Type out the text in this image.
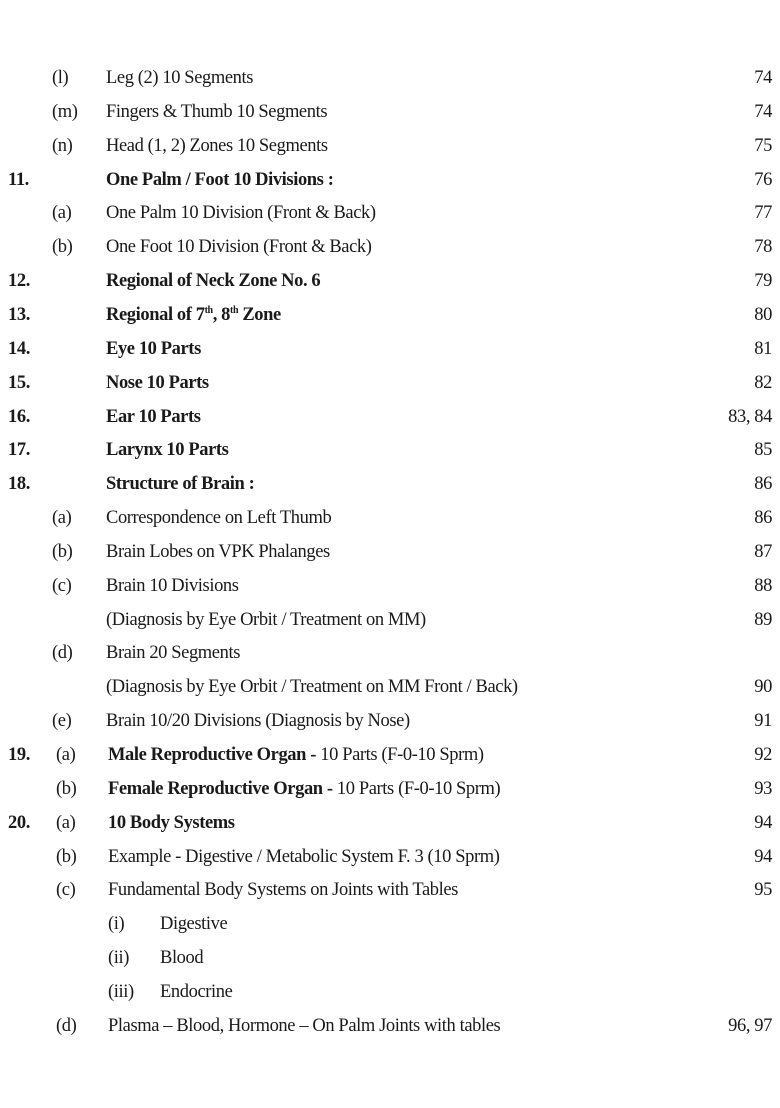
(l) Leg (2) 10 Segments	74
(m) Fingers & Thumb 10 Segments	74
(n) Head (1, 2) Zones 10 Segments	75
11.	One Palm / Foot 10 Divisions :	76
(a) One Palm 10 Division (Front & Back)	77
(b) One Foot 10 Division (Front & Back)	78
12.	Regional of Neck Zone No. 6	79
13.	Regional of 7th, 8th Zone	80
14.	Eye 10 Parts	81
15.	Nose 10 Parts	82
16.	Ear 10 Parts	83, 84
17.	Larynx 10 Parts	85
18.	Structure of Brain :	86
(a) Correspondence on Left Thumb	86
(b) Brain Lobes on VPK Phalanges	87
(c) Brain 10 Divisions	88
(Diagnosis by Eye Orbit / Treatment on MM)	89
(d) Brain 20 Segments
(Diagnosis by Eye Orbit / Treatment on MM Front / Back)	90
(e) Brain 10/20 Divisions (Diagnosis by Nose)	91
19. (a) Male Reproductive Organ - 10 Parts (F-0-10 Sprm)	92
(b) Female Reproductive Organ - 10 Parts (F-0-10 Sprm)	93
20. (a) 10 Body Systems	94
(b) Example - Digestive / Metabolic System F. 3 (10 Sprm)	94
(c) Fundamental Body Systems on Joints with Tables	95
(i) Digestive
(ii) Blood
(iii) Endocrine
(d) Plasma – Blood, Hormone – On Palm Joints with tables	96, 97
